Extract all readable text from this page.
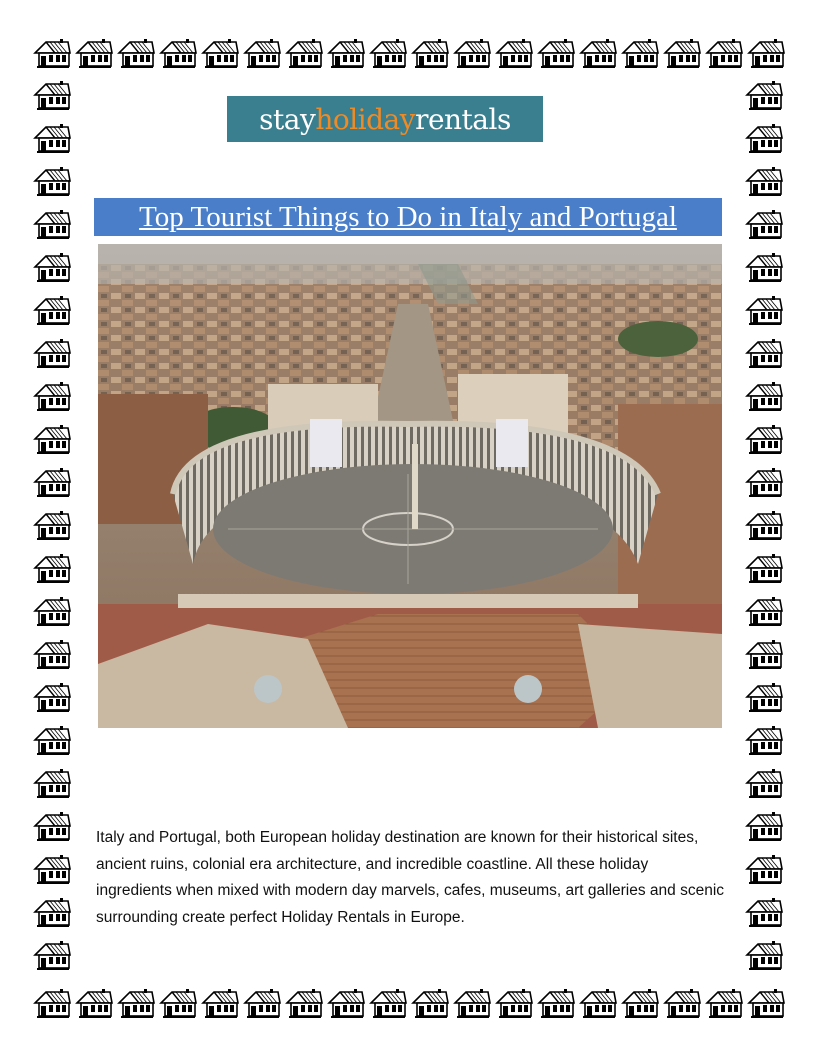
stay holiday rentals
Top Tourist Things to Do in Italy and Portugal
Italy and Portugal, both European holiday destination are known for their historical sites, ancient ruins, colonial era architecture, and incredible coastline. All these holiday ingredients when mixed with modern day marvels, cafes, museums, art galleries and scenic surrounding create perfect Holiday Rentals in Europe.
